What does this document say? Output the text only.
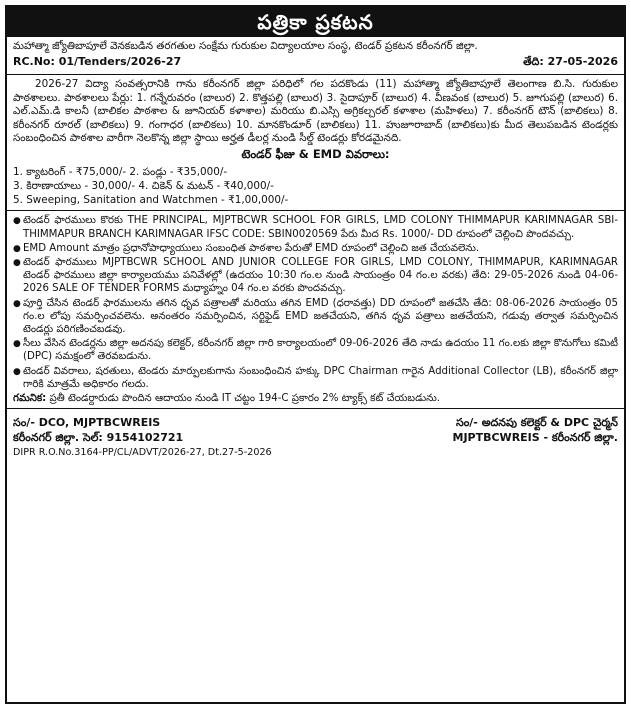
పత్రికా ప్రకటన
మహాత్మా జ్యోతిబాపూలే వెనకబడిన తరగతుల సంక్షేమ గురుకుల విద్యాలయాల సంస్థ, టెండర్ ప్రకటన కరీంనగర్ జిల్లా.
RC.No: 01/Tenders/2026-27	తేది: 27-05-2026
2026-27 విద్యా సంవత్సరానికి గాను కరీంనగర్ జిల్లా పరిధిలో గల పదకొండు (11) మహాత్మా జ్యోతిబాపూలే తెలంగాణ బి.సి. గురుకుల పాఠశాలలు. పాఠశాలలు పేర్లు: 1. గన్నేరువరం (బాలుర) 2. కొత్తపల్లి (బాలుర) 3. సైదాపూర్ (బాలుర) 4. వీణవంక (బాలుర) 5. జూగుపల్లి (బాలుర) 6. ఎల్.ఎమ్.డి కాలనీ (బాలికల పాఠశాల & జూనియర్ కళాశాల) మరియు బి.ఎస్సి అగ్రికల్చరల్ కళాశాల (మహిళలు) 7. కరీంనగర్ టౌన్ (బాలికలు) 8. కరీంనగర్ రూరల్ (బాలికలు) 9. గంగాధర (బాలికలు) 10. మానకొండూర్ (బాలికలు) 11. హుజూరాబాద్ (బాలికలు)కు మీద తెలుపబడిన టెండర్లకు సంబంధించిన పాఠశాల వారీగా నెలకొన్న జిల్లా స్థాయి అర్హత డీలర్ల నుండి సీల్డ్ టెండర్లు కోరడమైనది.
టెండర్ ఫీజు & EMD వివరాలు:
1. క్యాటరింగ్ - ₹75,000/- 2. పండ్లు - ₹35,000/-
3. కిరాణాయాలు - 30,000/- 4. చికెన్ & మటన్ - ₹40,000/-
5. Sweeping, Sanitation and Watchmen - ₹1,00,000/-
● టెండర్ ఫారములు కొరకు THE PRINCIPAL, MJPTBCWR SCHOOL FOR GIRLS, LMD COLONY THIMMAPUR KARIMNAGAR SBI-THIMMAPUR BRANCH KARIMNAGAR IFSC CODE: SBIN0020569 పేరు మీద Rs. 1000/- DD రూపంలో చెల్లించి పొందవచ్చు.
● EMD Amount మాత్రం ప్రధానోపాధ్యాయులు సంబంధిత పాఠశాల పేరుతో EMD రూపంలో చెల్లించి జత చేయవలెను.
● టెండర్ ఫారములు MJPTBCWR SCHOOL AND JUNIOR COLLEGE FOR GIRLS, LMD COLONY, THIMMAPUR, KARIMNAGAR టెండర్ ఫారములు జిల్లా కార్యాలయము పనివేళల్లో (ఉదయం 10:30 గం.ల నుండి సాయంత్రం 04 గం.ల వరకు) తేది: 29-05-2026 నుండి 04-06-2026 SALE OF TENDER FORMS మధ్యాహ్నం 04 గం.ల వరకు పొందవచ్చు.
● పూర్తి చేసిన టెండర్ ఫారములను తగిన ధృవ పత్రాలతో మరియు తగిన EMD (ధరావత్తు) DD రూపంలో జతచేసి తేది: 08-06-2026 సాయంత్రం 05 గం.ల లోపు సమర్పించవలెను. అనంతరం సమర్పించిన, సర్టిఫైడ్ EMD జతచేయని, తగిన ధృవ పత్రాలు జతచేయని, గడువు తర్వాత సమర్పించిన టెండర్లు పరిగణించబడవు.
● సీలు వేసిన టెండర్లను జిల్లా అదనపు కలెక్టర్, కరీంనగర్ జిల్లా గారి కార్యాలయంలో 09-06-2026 తేది నాడు ఉదయం 11 గం.లకు జిల్లా కొనుగోలు కమిటీ (DPC) సమక్షంలో తెరవబడును.
● టెండర్ వివరాలు, షరతులు, టెండరు మార్పులకుగాను సంబంధించిన హక్కు DPC Chairman గారైన Additional Collector (LB), కరీంనగర్ జిల్లా గారికి మాత్రమే అధికారం గలదు.
గమనిక: ప్రతీ టెండర్దారుడు పొందిన ఆదాయం నుండి IT చట్టం 194-C ప్రకారం 2% ట్యాక్స్ కట్ చేయబడును.
సం/- DCO, MJPTBCWREIS
కరీంనగర్ జిల్లా. సెల్: 9154102721
సం/- అదనపు కలెక్టర్ & DPC చైర్మన్
MJPTBCWREIS - కరీంనగర్ జిల్లా.
DIPR R.O.No.3164-PP/CL/ADVT/2026-27, Dt.27-5-2026
